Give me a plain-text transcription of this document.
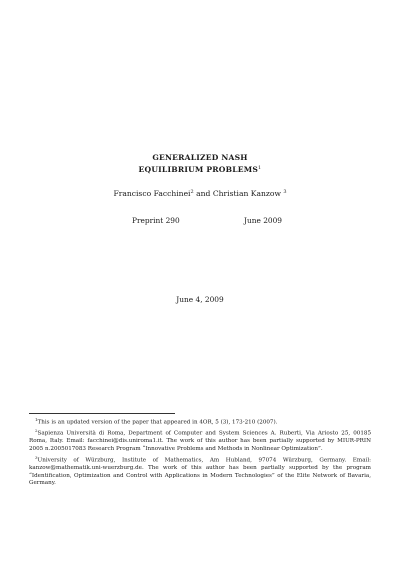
GENERALIZED NASH
EQUILIBRIUM PROBLEMS$^1$
Francisco Facchinei$^2$ and Christian Kanzow $^3$
Preprint 290	June 2009
June 4, 2009

$^1$This is an updated version of the paper that appeared in 4OR, 5 (3), 173-210 (2007).

$^2$Sapienza Università di Roma, Department of Computer and System Sciences A. Ruberti, Via Ariosto 25, 00185 Roma, Italy. Email: facchinei@dis.uniroma1.it. The work of this author has been partially supported by MIUR-PRIN 2005 n.2005017083 Research Program “Innovative Problems and Methods in Nonlinear Optimization”.

$^3$University of Würzburg, Institute of Mathematics, Am Hubland, 97074 Würzburg, Germany. Email: kanzow@mathematik.uni-wuerzburg.de. The work of this author has been partially supported by the program “Identification, Optimization and Control with Applications in Modern Technologies” of the Elite Network of Bavaria, Germany.
